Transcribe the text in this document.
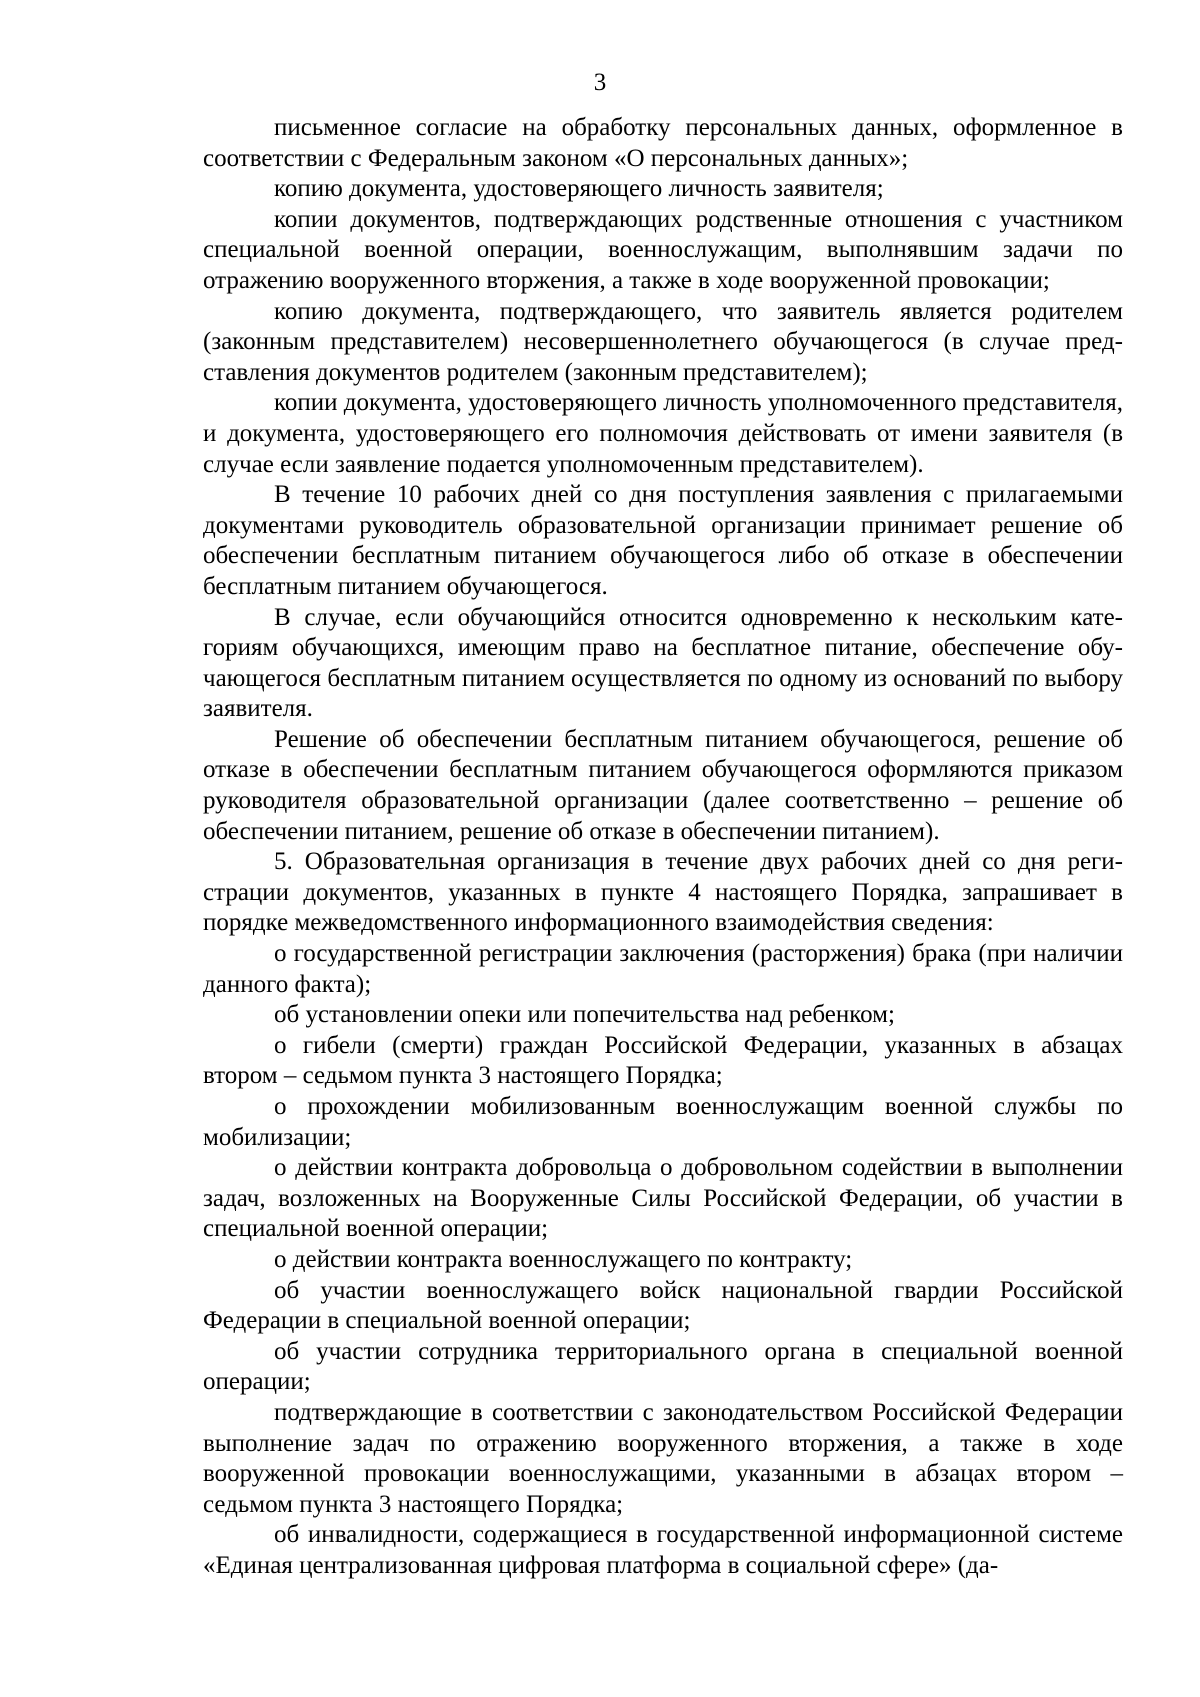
3

письменное согласие на обработку персональных данных, оформленное в соответствии с Федеральным законом «О персональных данных»;

копию документа, удостоверяющего личность заявителя;

копии документов, подтверждающих родственные отношения с участником специальной военной операции, военнослужащим, выполнявшим задачи по отражению вооруженного вторжения, а также в ходе вооруженной провокации;

копию документа, подтверждающего, что заявитель является родителем (законным представителем) несовершеннолетнего обучающегося (в случае представления документов родителем (законным представителем);

копии документа, удостоверяющего личность уполномоченного представителя, и документа, удостоверяющего его полномочия действовать от имени заявителя (в случае если заявление подается уполномоченным представителем).

В течение 10 рабочих дней со дня поступления заявления с прилагаемыми документами руководитель образовательной организации принимает решение об обеспечении бесплатным питанием обучающегося либо об отказе в обеспечении бесплатным питанием обучающегося.

В случае, если обучающийся относится одновременно к нескольким категориям обучающихся, имеющим право на бесплатное питание, обеспечение обучающегося бесплатным питанием осуществляется по одному из оснований по выбору заявителя.

Решение об обеспечении бесплатным питанием обучающегося, решение об отказе в обеспечении бесплатным питанием обучающегося оформляются приказом руководителя образовательной организации (далее соответственно – решение об обеспечении питанием, решение об отказе в обеспечении питанием).

5. Образовательная организация в течение двух рабочих дней со дня регистрации документов, указанных в пункте 4 настоящего Порядка, запрашивает в порядке межведомственного информационного взаимодействия сведения:

о государственной регистрации заключения (расторжения) брака (при наличии данного факта);

об установлении опеки или попечительства над ребенком;

о гибели (смерти) граждан Российской Федерации, указанных в абзацах втором – седьмом пункта 3 настоящего Порядка;

о прохождении мобилизованным военнослужащим военной службы по мобилизации;

о действии контракта добровольца о добровольном содействии в выполнении задач, возложенных на Вооруженные Силы Российской Федерации, об участии в специальной военной операции;

о действии контракта военнослужащего по контракту;

об участии военнослужащего войск национальной гвардии Российской Федерации в специальной военной операции;

об участии сотрудника территориального органа в специальной военной операции;

подтверждающие в соответствии с законодательством Российской Федерации выполнение задач по отражению вооруженного вторжения, а также в ходе вооруженной провокации военнослужащими, указанными в абзацах втором – седьмом пункта 3 настоящего Порядка;

об инвалидности, содержащиеся в государственной информационной системе «Единая централизованная цифровая платформа в социальной сфере» (да-
